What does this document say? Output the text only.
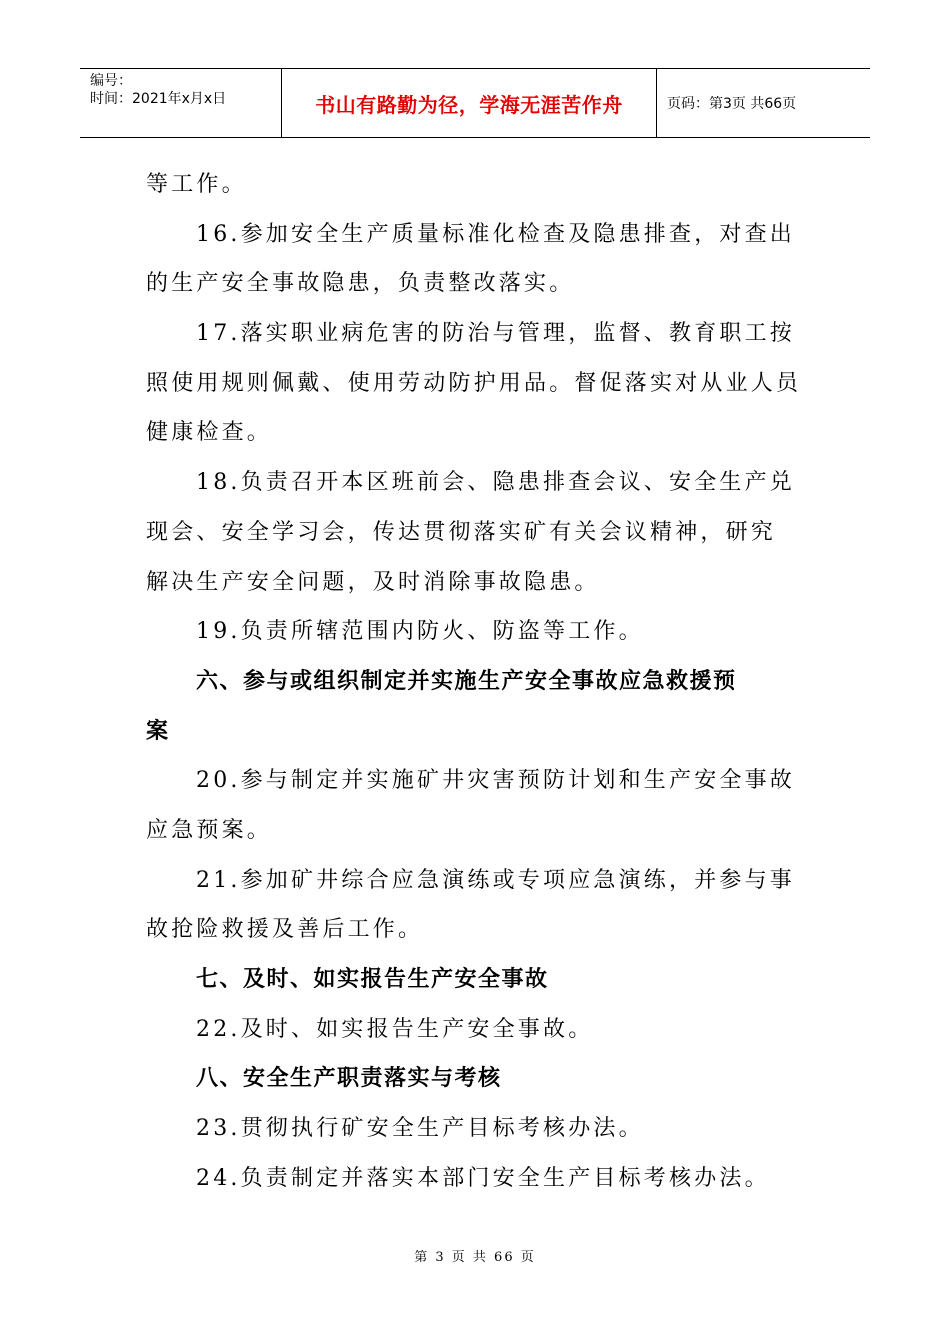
编号：
时间：2021年x月x日	书山有路勤为径，学海无涯苦作舟	页码：第3页 共66页
等工作。
16.参加安全生产质量标准化检查及隐患排查，对查出
的生产安全事故隐患，负责整改落实。
17.落实职业病危害的防治与管理，监督、教育职工按
照使用规则佩戴、使用劳动防护用品。督促落实对从业人员
健康检查。
18.负责召开本区班前会、隐患排查会议、安全生产兑
现会、安全学习会，传达贯彻落实矿有关会议精神，研究
解决生产安全问题，及时消除事故隐患。
19.负责所辖范围内防火、防盗等工作。
六、参与或组织制定并实施生产安全事故应急救援预
案
20.参与制定并实施矿井灾害预防计划和生产安全事故
应急预案。
21.参加矿井综合应急演练或专项应急演练，并参与事
故抢险救援及善后工作。
七、及时、如实报告生产安全事故
22.及时、如实报告生产安全事故。
八、安全生产职责落实与考核
23.贯彻执行矿安全生产目标考核办法。
24.负责制定并落实本部门安全生产目标考核办法。
第 3 页 共 66 页
